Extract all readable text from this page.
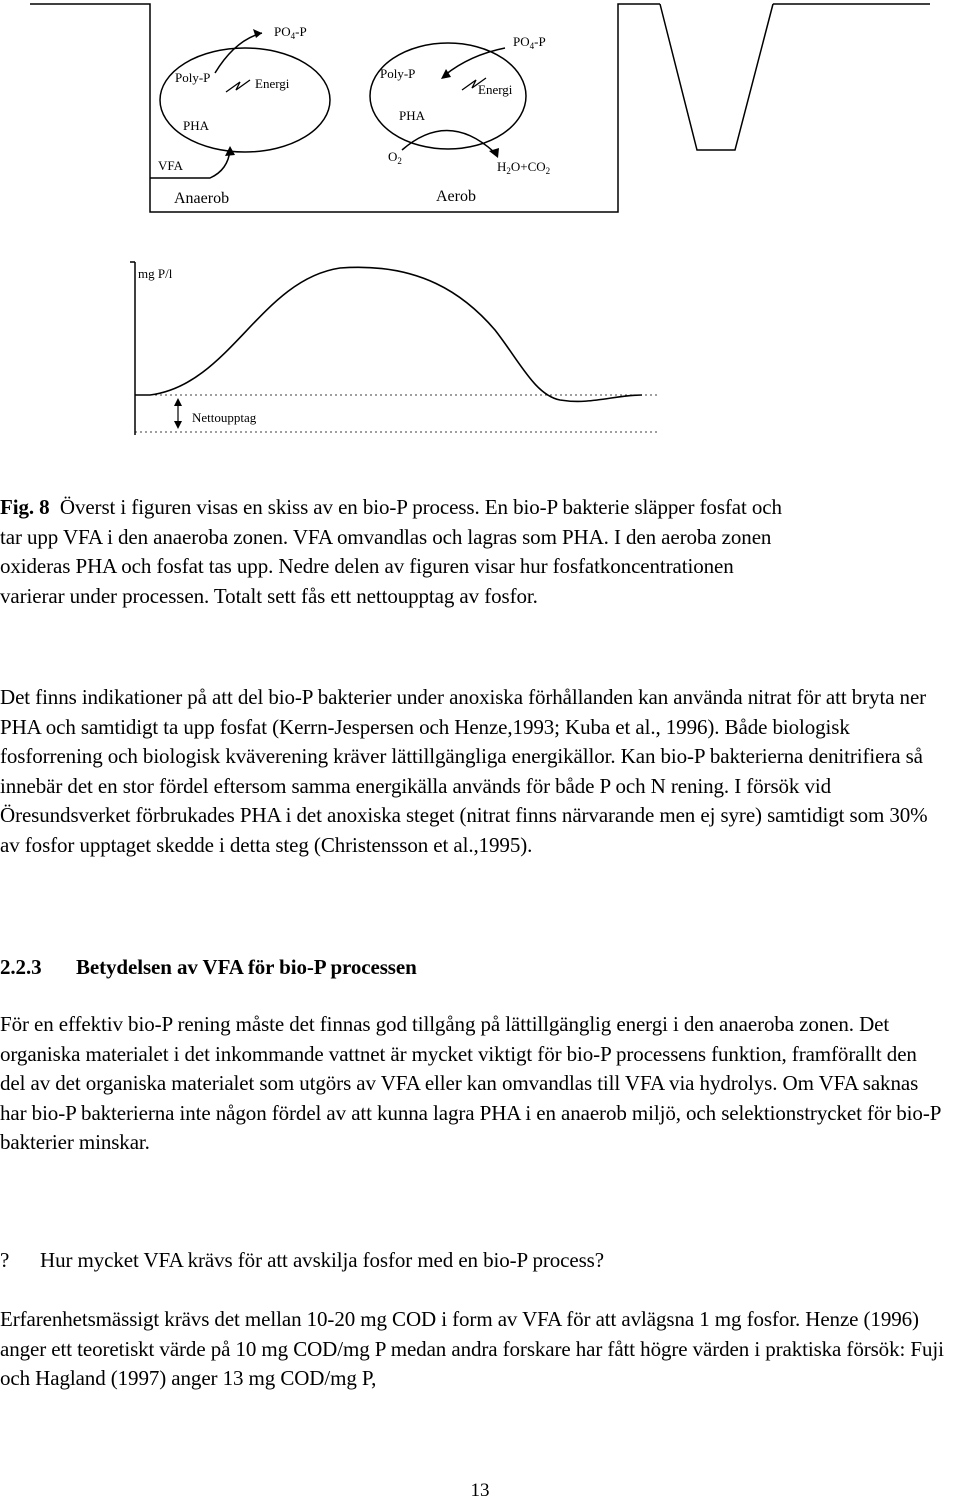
Poly-P	Energi
PHA
$PO_4-P$
VFA
Poly-P
Energi
PHA
$PO_4-P$
$O_2$	$H_2O+CO_2$
Anaerob	Aerob
mg P/l
Nettoupptag

Fig. 8 Överst i figuren visas en skiss av en bio-P process. En bio-P bakterie släpper fosfat och tar upp VFA i den anaeroba zonen. VFA omvandlas och lagras som PHA. I den aeroba zonen oxideras PHA och fosfat tas upp. Nedre delen av figuren visar hur fosfatkoncentrationen varierar under processen. Totalt sett fås ett nettoupptag av fosfor.

Det finns indikationer på att del bio-P bakterier under anoxiska förhållanden kan använda nitrat för att bryta ner PHA och samtidigt ta upp fosfat (Kerrn-Jespersen och Henze,1993; Kuba et al., 1996). Både biologisk fosforrening och biologisk kväverening kräver lättillgängliga energikällor. Kan bio-P bakterierna denitrifiera så innebär det en stor fördel eftersom samma energikälla används för både P och N rening. I försök vid Öresundsverket förbrukades PHA i det anoxiska steget (nitrat finns närvarande men ej syre) samtidigt som 30% av fosfor upptaget skedde i detta steg (Christensson et al.,1995).

2.2.3 Betydelsen av VFA för bio-P processen

För en effektiv bio-P rening måste det finnas god tillgång på lättillgänglig energi i den anaeroba zonen. Det organiska materialet i det inkommande vattnet är mycket viktigt för bio-P processens funktion, framförallt den del av det organiska materialet som utgörs av VFA eller kan omvandlas till VFA via hydrolys. Om VFA saknas har bio-P bakterierna inte någon fördel av att kunna lagra PHA i en anaerob miljö, och selektionstrycket för bio-P bakterier minskar.

? Hur mycket VFA krävs för att avskilja fosfor med en bio-P process?

Erfarenhetsmässigt krävs det mellan 10-20 mg COD i form av VFA för att avlägsna 1 mg fosfor. Henze (1996) anger ett teoretiskt värde på 10 mg COD/mg P medan andra forskare har fått högre värden i praktiska försök: Fuji och Hagland (1997) anger 13 mg COD/mg P,

13
